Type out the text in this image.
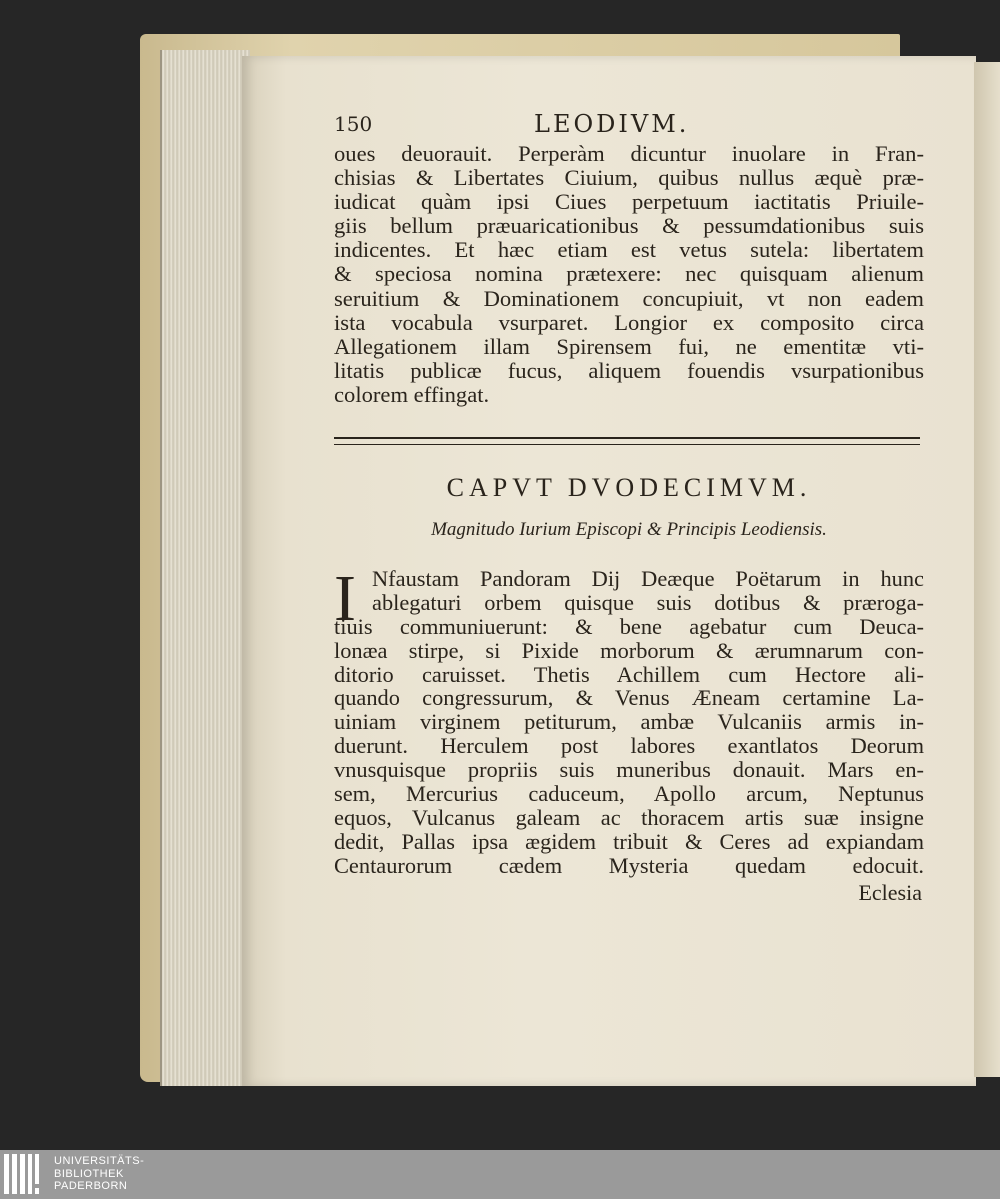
150	LEODIVM.
oues deuorauit. Perperàm dicuntur inuolare in Fran-
chisias & Libertates Ciuium, quibus nullus æquè præ-
iudicat quàm ipsi Ciues perpetuum iactitatis Priuile-
giis bellum præuaricationibus & pessumdationibus suis
indicentes. Et hæc etiam est vetus sutela: libertatem
& speciosa nomina prætexere: nec quisquam alienum
seruitium & Dominationem concupiuit, vt non eadem
ista vocabula vsurparet. Longior ex composito circa
Allegationem illam Spirensem fui, ne ementitæ vti-
litatis publicæ fucus, aliquem fouendis vsurpationibus
colorem effingat.
CAPVT DVODECIMVM.
Magnitudo Iurium Episcopi & Principis Leodiensis.
I Nfaustam Pandoram Dij Deæque Poëtarum in hunc
ablegaturi orbem quisque suis dotibus & prærogа-
tiuis communiuerunt: & bene agebatur cum Deuca-
lonæa stirpe, si Pixide morborum & ærumnarum con-
ditorio caruisset. Thetis Achillem cum Hectore ali-
quando congressurum, & Venus Æneam certamine La-
uiniam virginem petiturum, ambæ Vulcaniis armis in-
duerunt. Herculem post labores exantlatos Deorum
vnusquisque propriis suis muneribus donauit. Mars en-
sem, Mercurius caduceum, Apollo arcum, Neptunus
equos, Vulcanus galeam ac thoracem artis suæ insigne
dedit, Pallas ipsa ægidem tribuit & Ceres ad expiandam
Centaurorum cædem Mysteria quedam edocuit.
Eclesia
UNIVERSITÄTS-
BIBLIOTHEK
PADERBORN
